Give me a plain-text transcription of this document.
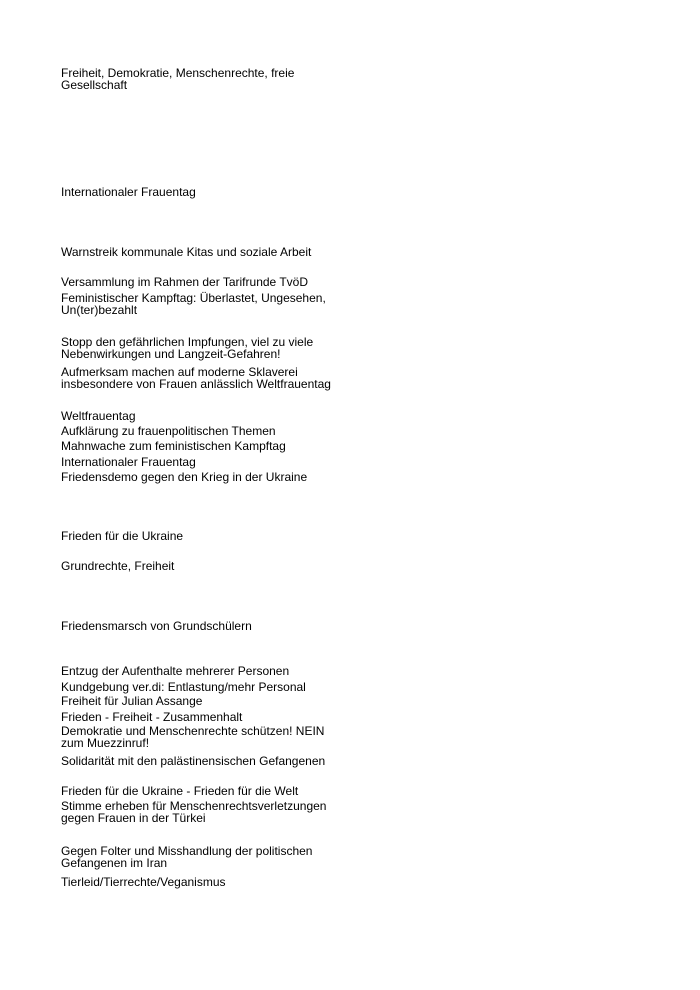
Freiheit, Demokratie, Menschenrechte, freie Gesellschaft

Internationaler Frauentag

Warnstreik kommunale Kitas und soziale Arbeit

Versammlung im Rahmen der Tarifrunde TvöD

Feministischer Kampftag: Überlastet, Ungesehen, Un(ter)bezahlt

Stopp den gefährlichen Impfungen, viel zu viele Nebenwirkungen und Langzeit-Gefahren!

Aufmerksam machen auf moderne Sklaverei insbesondere von Frauen anlässlich Weltfrauentag

Weltfrauentag

Aufklärung zu frauenpolitischen Themen

Mahnwache zum feministischen Kampftag

Internationaler Frauentag

Friedensdemo gegen den Krieg in der Ukraine

Frieden für die Ukraine

Grundrechte, Freiheit

Friedensmarsch von Grundschülern

Entzug der Aufenthalte mehrerer Personen

Kundgebung ver.di: Entlastung/mehr Personal

Freiheit für Julian Assange

Frieden - Freiheit - Zusammenhalt

Demokratie und Menschenrechte schützen! NEIN zum Muezzinruf!

Solidarität mit den palästinensischen Gefangenen

Frieden für die Ukraine - Frieden für die Welt

Stimme erheben für Menschenrechtsverletzungen gegen Frauen in der Türkei

Gegen Folter und Misshandlung der politischen Gefangenen im Iran

Tierleid/Tierrechte/Veganismus
